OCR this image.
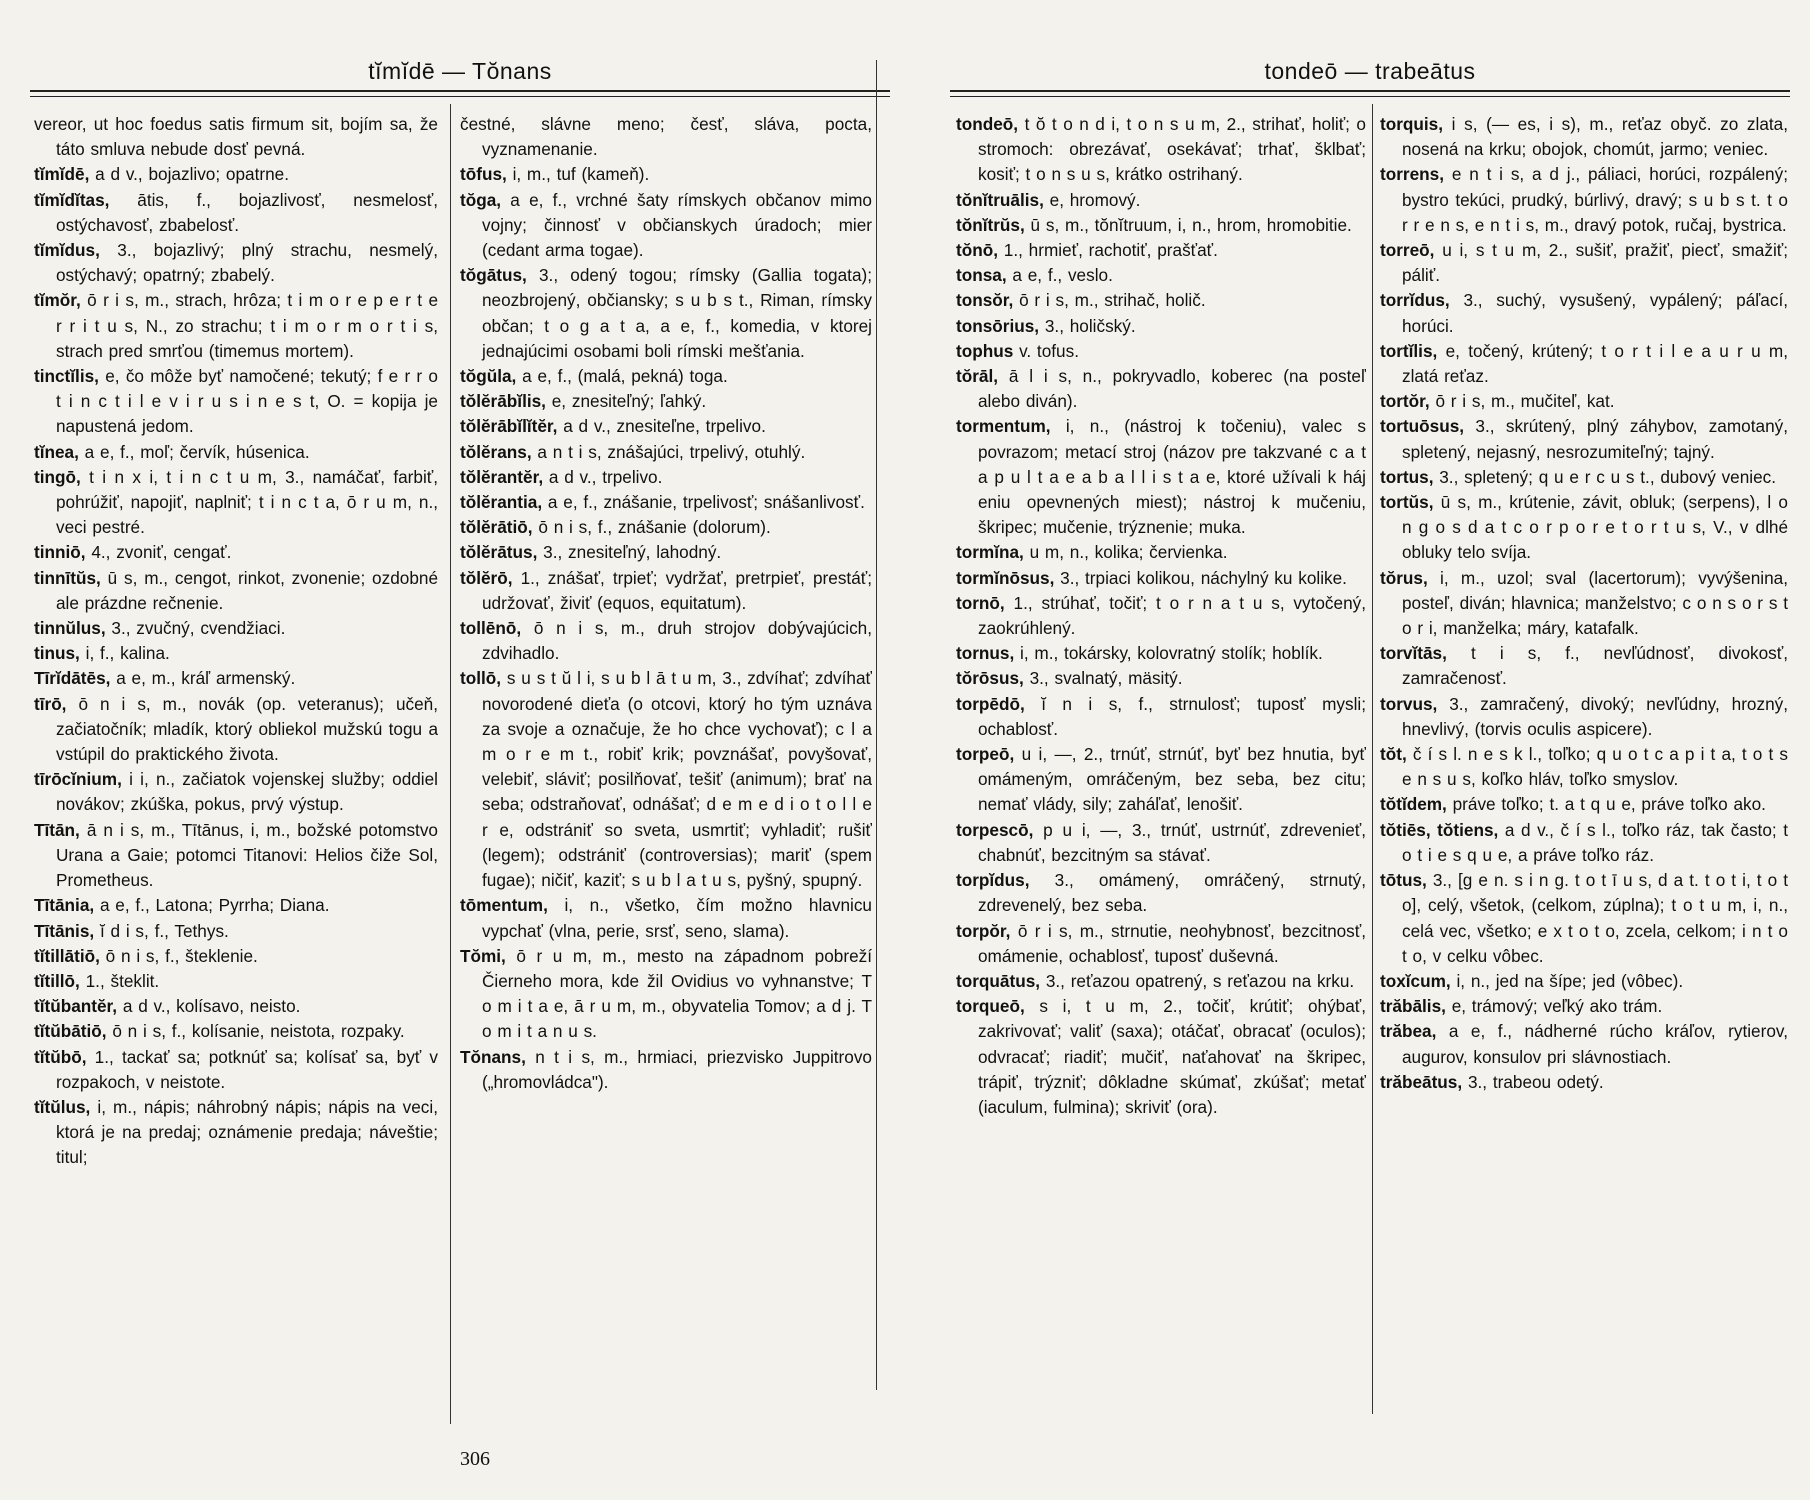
tĭmĭdē — Tŏnans

vereor, ut hoc foedus satis firmum sit, bojím sa, že táto smluva nebude dosť pevná.

tĭmĭdē, a d v., bojazlivo; opatrne.

tĭmĭdĭtas, ātis, f., bojazlivosť, nesmelosť, ostýchavosť, zbabelosť.

tĭmĭdus, 3., bojazlivý; plný strachu, nesmelý, ostýchavý; opatrný; zbabelý.

tĭmŏr, ō r i s, m., strach, hrôza; t i m o r e p e r t e r r i t u s, N., zo strachu; t i m o r m o r t i s, strach pred smrťou (timemus mortem).

tinctĭlis, e, čo môže byť namočené; tekutý; f e r r o t i n c t i l e v i r u s i n e s t, O. = kopija je napustená jedom.

tĭnea, a e, f., moľ; červík, húsenica.

tingō, t i n x i, t i n c t u m, 3., namáčať, farbiť, pohrúžiť, napojiť, naplniť; t i n c t a, ō r u m, n., veci pestré.

tinniō, 4., zvoniť, cengať.

tinnītŭs, ū s, m., cengot, rinkot, zvonenie; ozdobné ale prázdne rečnenie.

tinnŭlus, 3., zvučný, cvendžiaci.

tinus, i, f., kalina.

Tīrĭdātēs, a e, m., kráľ armenský.

tīrō, ō n i s, m., novák (op. veteranus); učeň, začiatočník; mladík, ktorý obliekol mužskú togu a vstúpil do praktického života.

tīrōcĭnium, i i, n., začiatok vojenskej služby; oddiel novákov; zkúška, pokus, prvý výstup.

Tītān, ā n i s, m., Tītānus, i, m., božské potomstvo Urana a Gaie; potomci Titanovi: Helios čiže Sol, Prometheus.

Tītānia, a e, f., Latona; Pyrrha; Diana.

Tītānis, ĭ d i s, f., Tethys.

tĭtillātiō, ō n i s, f., šteklenie.

tĭtillō, 1., šteklit.

tĭtŭbantĕr, a d v., kolísavo, neisto.

tĭtŭbātiō, ō n i s, f., kolísanie, neistota, rozpaky.

tĭtŭbō, 1., tackať sa; potknúť sa; kolísať sa, byť v rozpakoch, v neistote.

tĭtŭlus, i, m., nápis; náhrobný nápis; nápis na veci, ktorá je na predaj; oznámenie predaja; náveštie; titul;

čestné, slávne meno; česť, sláva, pocta, vyznamenanie.

tōfus, i, m., tuf (kameň).

tŏga, a e, f., vrchné šaty rímskych občanov mimo vojny; činnosť v občianskych úradoch; mier (cedant arma togae).

tŏgātus, 3., odený togou; rímsky (Gallia togata); neozbrojený, občiansky; s u b s t., Riman, rímsky občan; t o g a t a, a e, f., komedia, v ktorej jednajúcimi osobami boli rímski mešťania.

tŏgŭla, a e, f., (malá, pekná) toga.

tŏlĕrābĭlis, e, znesiteľný; ľahký.

tŏlĕrābĭlĭtĕr, a d v., znesiteľne, trpelivo.

tŏlĕrans, a n t i s, znášajúci, trpelivý, otuhlý.

tŏlĕrantĕr, a d v., trpelivo.

tŏlĕrantia, a e, f., znášanie, trpelivosť; snášanlivosť.

tŏlĕrātiō, ō n i s, f., znášanie (dolorum).

tŏlĕrātus, 3., znesiteľný, lahodný.

tŏlĕrō, 1., znášať, trpieť; vydržať, pretrpieť, prestáť; udržovať, živiť (equos, equitatum).

tollēnō, ō n i s, m., druh strojov dobývajúcich, zdvihadlo.

tollō, s u s t ŭ l i, s u b l ā t u m, 3., zdvíhať; zdvíhať novorodené dieťa (o otcovi, ktorý ho tým uznáva za svoje a označuje, že ho chce vychovať); c l a m o r e m t., robiť krik; povznášať, povyšovať, velebiť, sláviť; posilňovať, tešiť (animum); brať na seba; odstraňovať, odnášať; d e m e d i o t o l l e r e, odstrániť so sveta, usmrtiť; vyhladiť; rušiť (legem); odstrániť (controversias); mariť (spem fugae); ničiť, kaziť; s u b l a t u s, pyšný, spupný.

tōmentum, i, n., všetko, čím možno hlavnicu vypchať (vlna, perie, srsť, seno, slama).

Tŏmi, ō r u m, m., mesto na západnom pobreží Čierneho mora, kde žil Ovidius vo vyhnanstve; T o m i t a e, ā r u m, m., obyvatelia Tomov; a d j. T o m i t a n u s.

Tŏnans, n t i s, m., hrmiaci, priezvisko Juppitrovo („hromovládca").

306
tondeō — trabeātus

tondeō, t ŏ t o n d i, t o n s u m, 2., strihať, holiť; o stromoch: obrezávať, osekávať; trhať, šklbať; kosiť; t o n s u s, krátko ostrihaný.

tŏnĭtruālis, e, hromový.

tŏnĭtrŭs, ū s, m., tŏnĭtruum, i, n., hrom, hromobitie.

tŏnō, 1., hrmieť, rachotiť, prašťať.

tonsa, a e, f., veslo.

tonsŏr, ō r i s, m., strihač, holič.

tonsōrius, 3., holičský.

tophus v. tofus.

tŏrāl, ā l i s, n., pokryvadlo, koberec (na posteľ alebo diván).

tormentum, i, n., (nástroj k točeniu), valec s povrazom; metací stroj (názov pre takzvané c a t a p u l t a e a b a l l i s t a e, ktoré užívali k háj eniu opevnených miest); nástroj k mučeniu, škripec; mučenie, trýznenie; muka.

tormĭna, u m, n., kolika; červienka.

tormĭnōsus, 3., trpiaci kolikou, náchylný ku kolike.

tornō, 1., strúhať, točiť; t o r n a t u s, vytočený, zaokrúhlený.

tornus, i, m., tokársky, kolovratný stolík; hoblík.

tŏrōsus, 3., svalnatý, mäsitý.

torpēdō, ĭ n i s, f., strnulosť; tuposť mysli; ochablosť.

torpeō, u i, —, 2., trnúť, strnúť, byť bez hnutia, byť omámeným, omráčeným, bez seba, bez citu; nemať vlády, sily; zaháľať, lenošiť.

torpescō, p u i, —, 3., trnúť, ustrnúť, zdrevenieť, chabnúť, bezcitným sa stávať.

torpĭdus, 3., omámený, omráčený, strnutý, zdrevenelý, bez seba.

torpŏr, ō r i s, m., strnutie, neohybnosť, bezcitnosť, omámenie, ochablosť, tuposť duševná.

torquātus, 3., reťazou opatrený, s reťazou na krku.

torqueō, s i, t u m, 2., točiť, krútiť; ohýbať, zakrivovať; valiť (saxa); otáčať, obracať (oculos); odvracať; riadiť; mučiť, naťahovať na škripec, trápiť, trýzniť; dôkladne skúmať, zkúšať; metať (iaculum, fulmina); skriviť (ora).

torquis, i s, (— es, i s), m., reťaz obyč. zo zlata, nosená na krku; obojok, chomút, jarmo; veniec.

torrens, e n t i s, a d j., páliaci, horúci, rozpálený; bystro tekúci, prudký, búrlivý, dravý; s u b s t. t o r r e n s, e n t i s, m., dravý potok, ručaj, bystrica.

torreō, u i, s t u m, 2., sušiť, pražiť, piecť, smažiť; páliť.

torrĭdus, 3., suchý, vysušený, vypálený; páľací, horúci.

tortĭlis, e, točený, krútený; t o r t i l e a u r u m, zlatá reťaz.

tortŏr, ō r i s, m., mučiteľ, kat.

tortuōsus, 3., skrútený, plný záhybov, zamotaný, spletený, nejasný, nesrozumiteľný; tajný.

tortus, 3., spletený; q u e r c u s t., dubový veniec.

tortŭs, ū s, m., krútenie, závit, obluk; (serpens), l o n g o s d a t c o r p o r e t o r t u s, V., v dlhé obluky telo svíja.

tŏrus, i, m., uzol; sval (lacertorum); vyvýšenina, posteľ, diván; hlavnica; manželstvo; c o n s o r s t o r i, manželka; máry, katafalk.

torvĭtās, t i s, f., nevľúdnosť, divokosť, zamračenosť.

torvus, 3., zamračený, divoký; nevľúdny, hrozný, hnevlivý, (torvis oculis aspicere).

tŏt, č í s l. n e s k l., toľko; q u o t c a p i t a, t o t s e n s u s, koľko hláv, toľko smyslov.

tŏtĭdem, práve toľko; t. a t q u e, práve toľko ako.

tŏtiēs, tŏtiens, a d v., č í s l., toľko ráz, tak často; t o t i e s q u e, a práve toľko ráz.

tōtus, 3., [g e n. s i n g. t o t ī u s, d a t. t o t i, t o t o], celý, všetok, (celkom, zúplna); t o t u m, i, n., celá vec, všetko; e x t o t o, zcela, celkom; i n t o t o, v celku vôbec.

toxĭcum, i, n., jed na šípe; jed (vôbec).

trăbālis, e, trámový; veľký ako trám.

trăbea, a e, f., nádherné rúcho kráľov, rytierov, augurov, konsulov pri slávnostiach.

trăbeātus, 3., trabeou odetý.
